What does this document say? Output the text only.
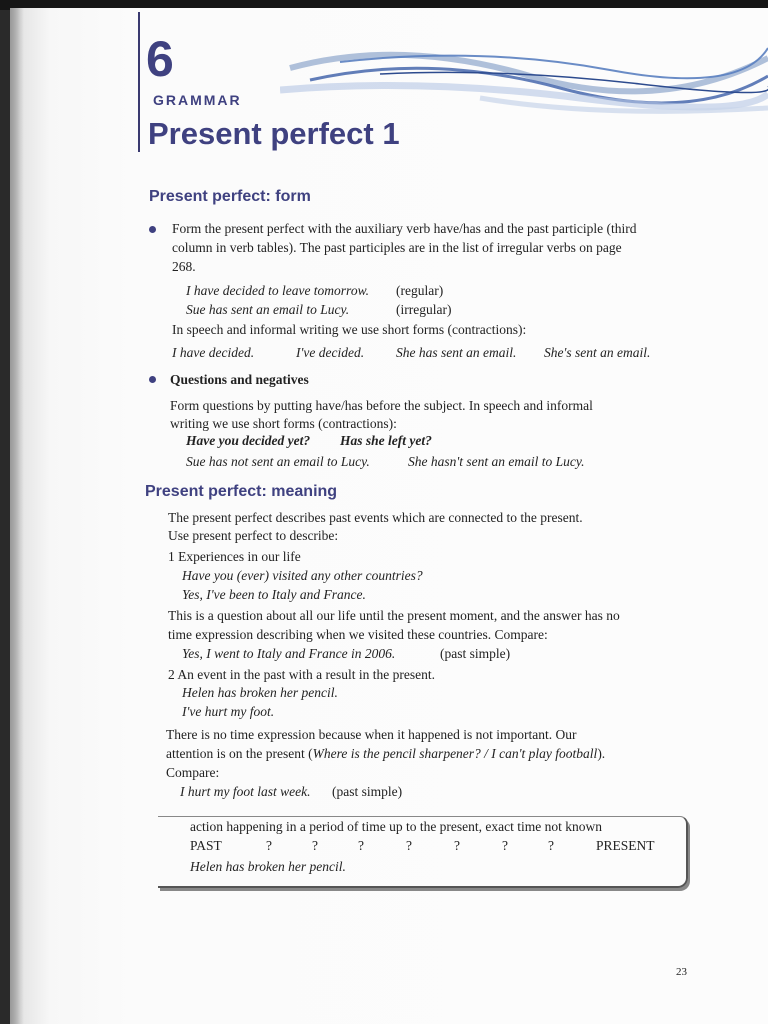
6
GRAMMAR
Present perfect 1
Present perfect: form
Form the present perfect with the auxiliary verb have/has and the past participle (third
column in verb tables). The past participles are in the list of irregular verbs on page
268.
I have decided to leave tomorrow. (regular)
Sue has sent an email to Lucy.	(irregular)
In speech and informal writing we use short forms (contractions):
I have decided.	I've decided. She has sent an email. She's sent an email.
Questions and negatives
Form questions by putting have/has before the subject. In speech and informal
writing we use short forms (contractions):
Have you decided yet? Has she left yet?
Sue has not sent an email to Lucy.	She hasn't sent an email to Lucy.
Present perfect: meaning
The present perfect describes past events which are connected to the present.
Use present perfect to describe:
1 Experiences in our life
Have you (ever) visited any other countries?
Yes, I've been to Italy and France.
This is a question about all our life until the present moment, and the answer has no
time expression describing when we visited these countries. Compare:
Yes, I went to Italy and France in 2006.	(past simple)
2 An event in the past with a result in the present.
Helen has broken her pencil.
I've hurt my foot.
There is no time expression because when it happened is not important. Our
attention is on the present (Where is the pencil sharpener? / I can't play football).
Compare:
I hurt my foot last week. (past simple)
action happening in a period of time up to the present, exact time not known
PAST	?	?	?	?	?	?	?	PRESENT
Helen has broken her pencil.
23
